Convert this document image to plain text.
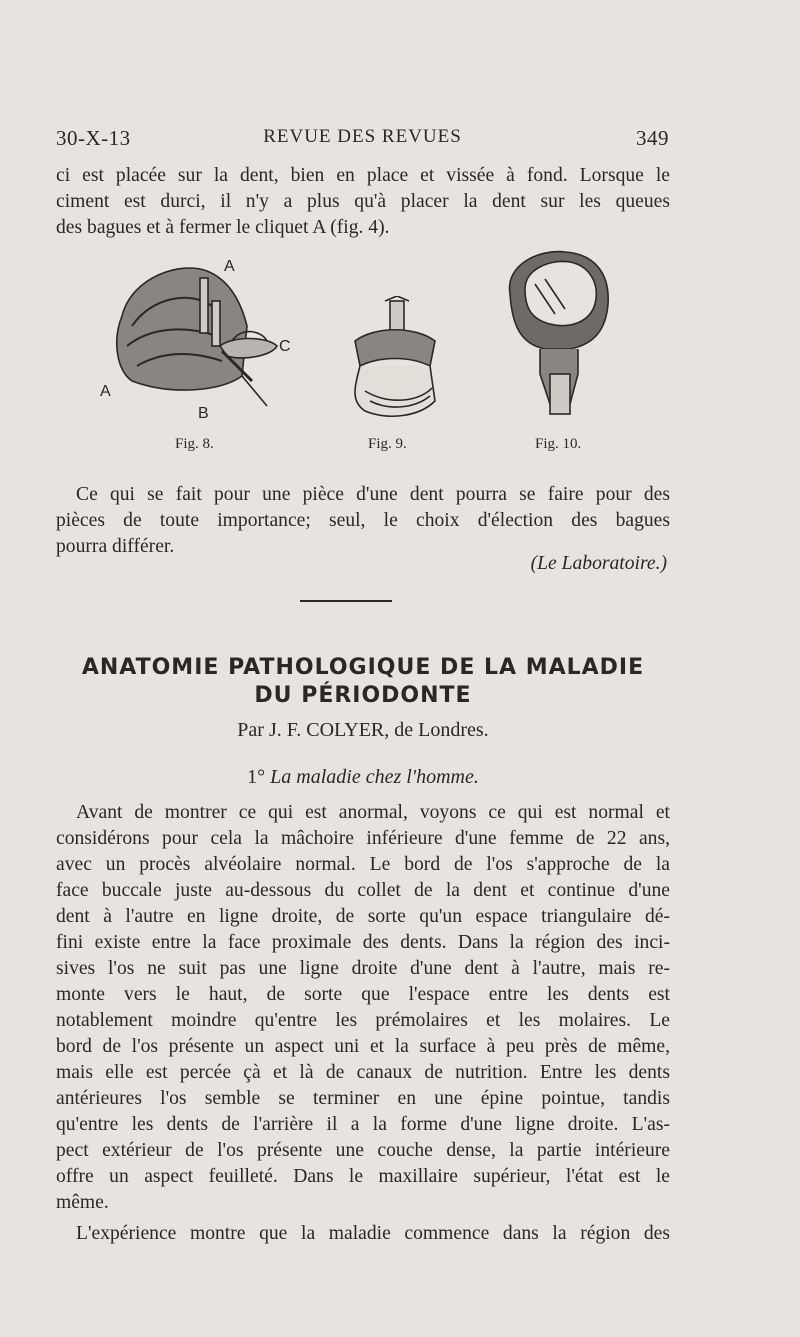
30-X-13	REVUE DES REVUES	349
ci est placée sur la dent, bien en place et vissée à fond. Lorsque le
ciment est durci, il n'y a plus qu'à placer la dent sur les queues
des bagues et à fermer le cliquet A (fig. 4).
A
C
A
B
Fig. 8.	Fig. 9.	Fig. 10.
Ce qui se fait pour une pièce d'une dent pourra se faire pour des
pièces de toute importance; seul, le choix d'élection des bagues
pourra différer.
(Le Laboratoire.)
ANATOMIE PATHOLOGIQUE DE LA MALADIE
DU PÉRIODONTE
Par J. F. COLYER, de Londres.
1° La maladie chez l'homme.
Avant de montrer ce qui est anormal, voyons ce qui est normal et
considérons pour cela la mâchoire inférieure d'une femme de 22 ans,
avec un procès alvéolaire normal. Le bord de l'os s'approche de la
face buccale juste au-dessous du collet de la dent et continue d'une
dent à l'autre en ligne droite, de sorte qu'un espace triangulaire dé-
fini existe entre la face proximale des dents. Dans la région des inci-
sives l'os ne suit pas une ligne droite d'une dent à l'autre, mais re-
monte vers le haut, de sorte que l'espace entre les dents est
notablement moindre qu'entre les prémolaires et les molaires. Le
bord de l'os présente un aspect uni et la surface à peu près de même,
mais elle est percée çà et là de canaux de nutrition. Entre les dents
antérieures l'os semble se terminer en une épine pointue, tandis
qu'entre les dents de l'arrière il a la forme d'une ligne droite. L'as-
pect extérieur de l'os présente une couche dense, la partie intérieure
offre un aspect feuilleté. Dans le maxillaire supérieur, l'état est le
même.
L'expérience montre que la maladie commence dans la région des
